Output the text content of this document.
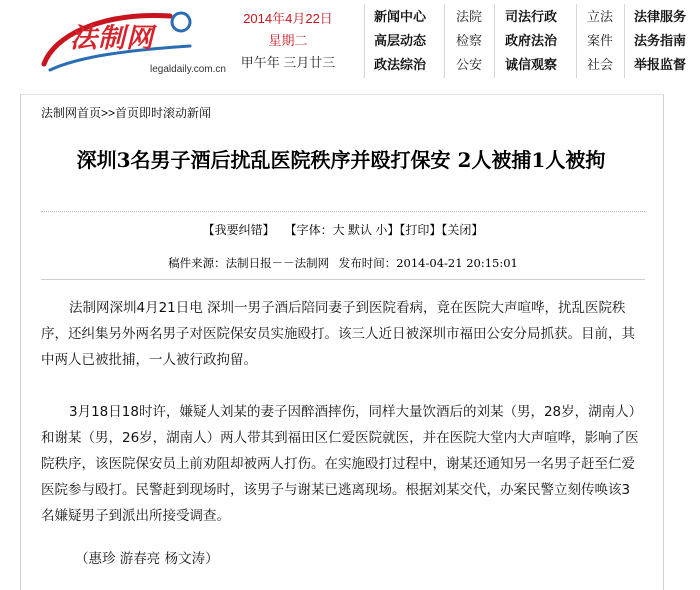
法制网
legaldaily.com.cn
2014年4月22日
星期二
甲午年 三月廿三
新闻中心
高层动态
政法综治
法院
检察
公安
司法行政
政府法治
诚信观察
立法
案件
社会
法律服务
法务指南
举报监督
法制网首页>>首页即时滚动新闻
深圳3名男子酒后扰乱医院秩序并殴打保安 2人被捕1人被拘
【我要纠错】 【字体：大 默认 小】【打印】【关闭】
稿件来源：法制日报－－法制网 发布时间：2014-04-21 20:15:01

法制网深圳4月21日电 深圳一男子酒后陪同妻子到医院看病，竟在医院大声喧哗，扰乱医院秩序，还纠集另外两名男子对医院保安员实施殴打。该三人近日被深圳市福田公安分局抓获。目前，其中两人已被批捕，一人被行政拘留。

3月18日18时许，嫌疑人刘某的妻子因醉酒摔伤，同样大量饮酒后的刘某（男，28岁，湖南人）和谢某（男，26岁，湖南人）两人带其到福田区仁爱医院就医，并在医院大堂内大声喧哗，影响了医院秩序，该医院保安员上前劝阻却被两人打伤。在实施殴打过程中，谢某还通知另一名男子赶至仁爱医院参与殴打。民警赶到现场时，该男子与谢某已逃离现场。根据刘某交代，办案民警立刻传唤该3名嫌疑男子到派出所接受调查。

（惠珍 游春亮 杨文涛）
